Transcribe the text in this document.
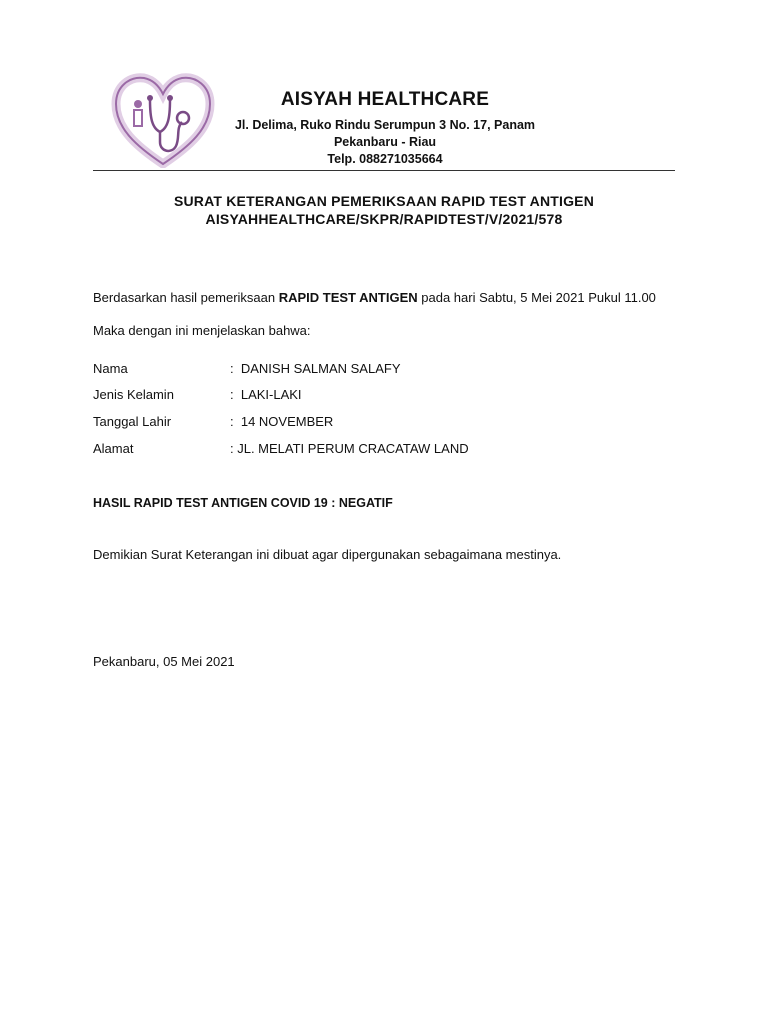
AISYAH HEALTHCARE
Jl. Delima, Ruko Rindu Serumpun 3 No. 17, Panam
Pekanbaru - Riau
Telp. 088271035664
SURAT KETERANGAN PEMERIKSAAN RAPID TEST ANTIGEN
AISYAHHEALTHCARE/SKPR/RAPIDTEST/V/2021/578
Berdasarkan hasil pemeriksaan RAPID TEST ANTIGEN pada hari Sabtu, 5 Mei 2021 Pukul 11.00
Maka dengan ini menjelaskan bahwa:
Nama	:  DANISH SALMAN SALAFY
Jenis Kelamin	:  LAKI-LAKI
Tanggal Lahir	:  14 NOVEMBER
Alamat	: JL. MELATI PERUM CRACATAW LAND
HASIL RAPID TEST ANTIGEN COVID 19 : NEGATIF
Demikian Surat Keterangan ini dibuat agar dipergunakan sebagaimana mestinya.
Pekanbaru, 05 Mei 2021
